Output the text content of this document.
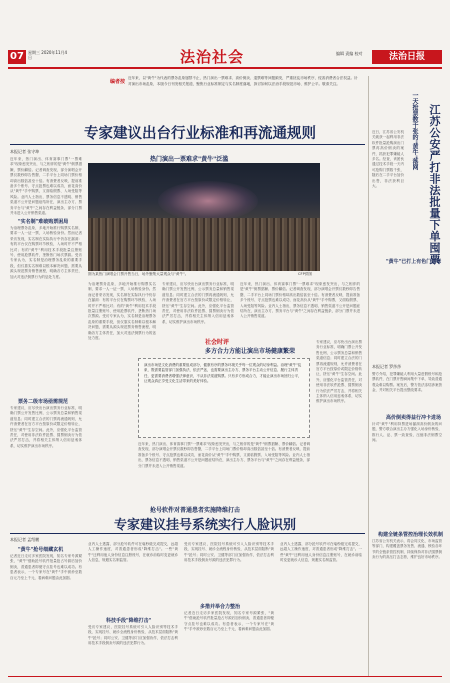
07	星期三 2020年11月4日	法治社会	编辑 责编 校对	法治日报
编者按
近年来，以"黄牛"为代表的票务乱象屡禁不止，热门演出一票难求、高价倒卖、退票难等问题频发，严重扰乱市场秩序，侵害消费者合法权益。针对演出市场乱象，本版今日刊发相关报道，聚焦行业标准制定与实名制度落地，探讨如何以法治手段规范市场、维护公平。敬请关注。
专家建议出台行业标准和再流通规则
本报记者 张守坤
近年来，热门演出、体育赛事门票"一票难求"现象愈发突出，与之相伴的是"黄牛"倒票猖獗、票价翻倍。记者调查发现，部分演唱会开票仅数秒即告售罄，二手平台上同场门票价格却高出数倍甚至十倍。有消费者反映，提前准备多个账号、守点抢票也难以成功，而花高价从"黄牛"手中购票，又面临假票、入场受阻等风险。业内人士指出，票务信息不透明、销售渠道不公开是问题症结所在，演出主办方、票务平台与"黄牛"之间存在利益链条，部分门票并未进入公开销售渠道。
"实名制"难破购票困局
为治理票务乱象，多地开始推行购票实名制，要求一人一证一票，入场核验身份。然而记者采访发现，实名制在实际执行中仍存在漏洞：有的平台仅在购票环节核验，入场时并不严格比对；有的"黄牛"利用技术手段批量注册账号、使用抢票软件，垄断热门场次票源。受访专家认为，实名制是治理票务乱象的重要手段，但仅靠实名制难以根本解决问题，需要从源头规范票务销售流程，明确各方主体责任，加大对违法倒票行为的惩处力度。
票务二级市场亟需规范
专家建议，应尽快出台演出票务行业标准，明确门票公开发售比例，公示票务总量和销售渠道信息；同时建立合法的门票再流通规则，允许消费者在官方平台按原价或限定价格转让，挤压"黄牛"生存空间。此外，应强化平台监管责任，对使用非法软件抢票、囤票倒卖行为依法严厉打击，并将相关主体纳入信用惩戒体系，切实维护演出市场秩序。
热门演出一票难求"黄牛"泛滥
图为某热门演唱会门票开售当日，场外聚集大量观众与"黄牛"。	CFP供图
为治理票务乱象，多地开始推行购票实名制，要求一人一证一票，入场核验身份。然而记者采访发现，实名制在实际执行中仍存在漏洞：有的平台仅在购票环节核验，入场时并不严格比对；有的"黄牛"利用技术手段批量注册账号、使用抢票软件，垄断热门场次票源。受访专家认为，实名制是治理票务乱象的重要手段，但仅靠实名制难以根本解决问题，需要从源头规范票务销售流程，明确各方主体责任，加大对违法倒票行为的惩处力度。
专家建议，应尽快出台演出票务行业标准，明确门票公开发售比例，公示票务总量和销售渠道信息；同时建立合法的门票再流通规则，允许消费者在官方平台按原价或限定价格转让，挤压"黄牛"生存空间。此外，应强化平台监管责任，对使用非法软件抢票、囤票倒卖行为依法严厉打击，并将相关主体纳入信用惩戒体系，切实维护演出市场秩序。
近年来，热门演出、体育赛事门票"一票难求"现象愈发突出，与之相伴的是"黄牛"倒票猖獗、票价翻倍。记者调查发现，部分演唱会开票仅数秒即告售罄，二手平台上同场门票价格却高出数倍甚至十倍。有消费者反映，提前准备多个账号、守点抢票也难以成功，而花高价从"黄牛"手中购票，又面临假票、入场受阻等风险。业内人士指出，票务信息不透明、销售渠道不公开是问题症结所在，演出主办方、票务平台与"黄牛"之间存在利益链条，部分门票并未进入公开销售渠道。
专家建议，应尽快出台演出票务行业标准，明确门票公开发售比例，公示票务总量和销售渠道信息；同时建立合法的门票再流通规则，允许消费者在官方平台按原价或限定价格转让，挤压"黄牛"生存空间。此外，应强化平台监管责任，对使用非法软件抢票、囤票倒卖行为依法严厉打击，并将相关主体纳入信用惩戒体系，切实维护演出市场秩序。
近年来，热门演出、体育赛事门票"一票难求"现象愈发突出，与之相伴的是"黄牛"倒票猖獗、票价翻倍。记者调查发现，部分演唱会开票仅数秒即告售罄，二手平台上同场门票价格却高出数倍甚至十倍。有消费者反映，提前准备多个账号、守点抢票也难以成功，而花高价从"黄牛"手中购票，又面临假票、入场受阻等风险。业内人士指出，票务信息不透明、销售渠道不公开是问题症结所在，演出主办方、票务平台与"黄牛"之间存在利益链条，部分门票并未进入公开销售渠道。
社会时评
多方合力方能让演出市场健康繁荣
演出市场是文化消费的重要组成部分，健康有序的票务环境关乎每一位观众的切身利益。治理"黄牛"乱象，既需要监管部门加强执法、依法严惩，也需要演出主办方、票务平台主动公开信息、履行主体责任，更需要消费者增强法律意识，不从非法渠道购票。只有多方形成合力，才能让演出市场回归公平，让观众真正享受文化生活带来的美好体验。
抢号软件对普通患者实施降维打击
专家建议挂号系统实行人脸识别
本报记者 孟绍鹏
"黄牛"抢号细藏玄机
记者近日走访多家医院发现，知名专家号源紧张，"黄牛"借助抢号软件批量抢占号源后加价倒卖，普通患者即便守点挂号也难以成功。有患者表示，一个专家号在"黄牛"手中被炒至数百元乃至上千元，看病难问题由此加剧。
业内人士透露，部分抢号软件可在毫秒级完成提交，远超人工操作速度，对普通患者形成"降维打击"。一些"黄牛"还利用他人身份信息注册账号，在就诊前临时变更就诊人信息，规避实名制监管。
科技手段"降维打击"
受访专家建议，医院挂号系统可引入人脸识别等技术手段，实现挂号、就诊全流程身份核验，从技术层面阻断"黄牛"抢号；同时公安、卫健等部门应加强协作，依法打击利用技术手段倒卖号源的违法犯罪行为。
受访专家建议，医院挂号系统可引入人脸识别等技术手段，实现挂号、就诊全流程身份核验，从技术层面阻断"黄牛"抢号；同时公安、卫健等部门应加强协作，依法打击利用技术手段倒卖号源的违法犯罪行为。
多措并举合力整治
记者近日走访多家医院发现，知名专家号源紧张，"黄牛"借助抢号软件批量抢占号源后加价倒卖，普通患者即便守点挂号也难以成功。有患者表示，一个专家号在"黄牛"手中被炒至数百元乃至上千元，看病难问题由此加剧。
业内人士透露，部分抢号软件可在毫秒级完成提交，远超人工操作速度，对普通患者形成"降维打击"。一些"黄牛"还利用他人身份信息注册账号，在就诊前临时变更就诊人信息，规避实名制监管。
一天抢票数千张的"黄牛"落网 江苏公安严打非法批量下单囤票
近日，江苏省公安机关破获一起利用非法软件批量抢购演出门票再高价倒卖的案件，抓获犯罪嫌疑人多名。经查，该团伙通过技术手段一天内可抢购门票数千张，随后在二手平台加价出售，非法获利巨大。
本报记者 罗莎莎
警方介绍，犯罪嫌疑人利用大量虚假账号和抢票软件，在门票开售瞬间集中下单，导致普通观众难以购票。案发后，警方依法冻结涉案资金，并对相关平台提出整改要求。
"黄牛"已打上有色门票章
高价倒卖得益行冲卡进场
针对"黄牛"利用持票进场漏洞高价倒卖的问题，警方联合演出主办方强化入场身份核验，推行人、证、票一致查验，压缩非法倒票空间。
构建全链条管控治理长效机制
江苏省公安机关表示，将会同文化、市场监管等部门，构建覆盖票务发售、流通、核验各环节的全链条管控机制，持续保持对非法囤票倒卖行为的高压打击态势，维护良好市场秩序。
